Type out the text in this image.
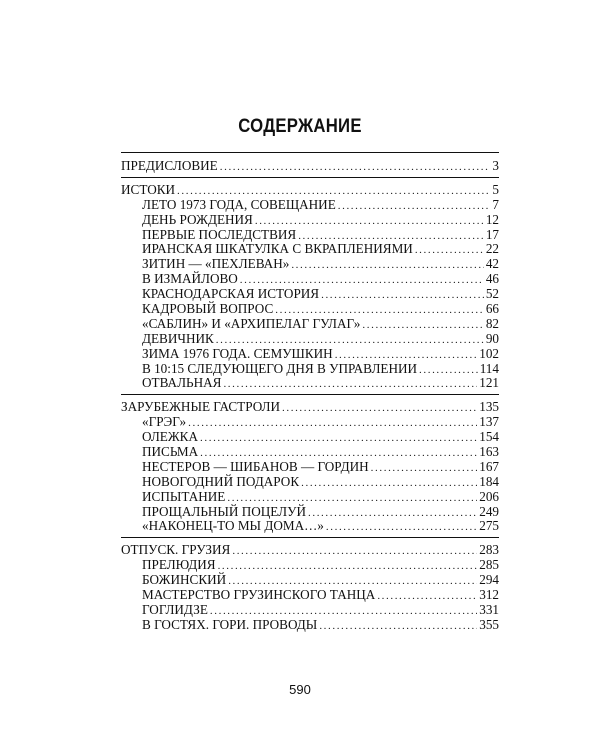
СОДЕРЖАНИЕ
ПРЕДИСЛОВИЕ .....	3
ИСТОКИ .....	5
ЛЕТО 1973 ГОДА, СОВЕЩАНИЕ .....	7
ДЕНЬ РОЖДЕНИЯ .....	12
ПЕРВЫЕ ПОСЛЕДСТВИЯ .....	17
ИРАНСКАЯ ШКАТУЛКА С ВКРАПЛЕНИЯМИ .....	22
ЗИТИН — «ПЕХЛЕВАН» .....	42
В ИЗМАЙЛОВО .....	46
КРАСНОДАРСКАЯ ИСТОРИЯ .....	52
КАДРОВЫЙ ВОПРОС .....	66
«САБЛИН» И «АРХИПЕЛАГ ГУЛАГ» .....	82
ДЕВИЧНИК .....	90
ЗИМА 1976 ГОДА. СЕМУШКИН .....	102
В 10:15 СЛЕДУЮЩЕГО ДНЯ В УПРАВЛЕНИИ .....	114
ОТВАЛЬНАЯ .....	121
ЗАРУБЕЖНЫЕ ГАСТРОЛИ .....	135
«ГРЭГ» .....	137
ОЛЕЖКА .....	154
ПИСЬМА .....	163
НЕСТЕРОВ — ШИБАНОВ — ГОРДИН .....	167
НОВОГОДНИЙ ПОДАРОК .....	184
ИСПЫТАНИЕ .....	206
ПРОЩАЛЬНЫЙ ПОЦЕЛУЙ .....	249
«НАКОНЕЦ-ТО МЫ ДОМА…» .....	275
ОТПУСК. ГРУЗИЯ .....	283
ПРЕЛЮДИЯ .....	285
БОЖИНСКИЙ .....	294
МАСТЕРСТВО ГРУЗИНСКОГО ТАНЦА .....	312
ГОГЛИДЗЕ .....	331
В ГОСТЯХ. ГОРИ. ПРОВОДЫ .....	355
590
